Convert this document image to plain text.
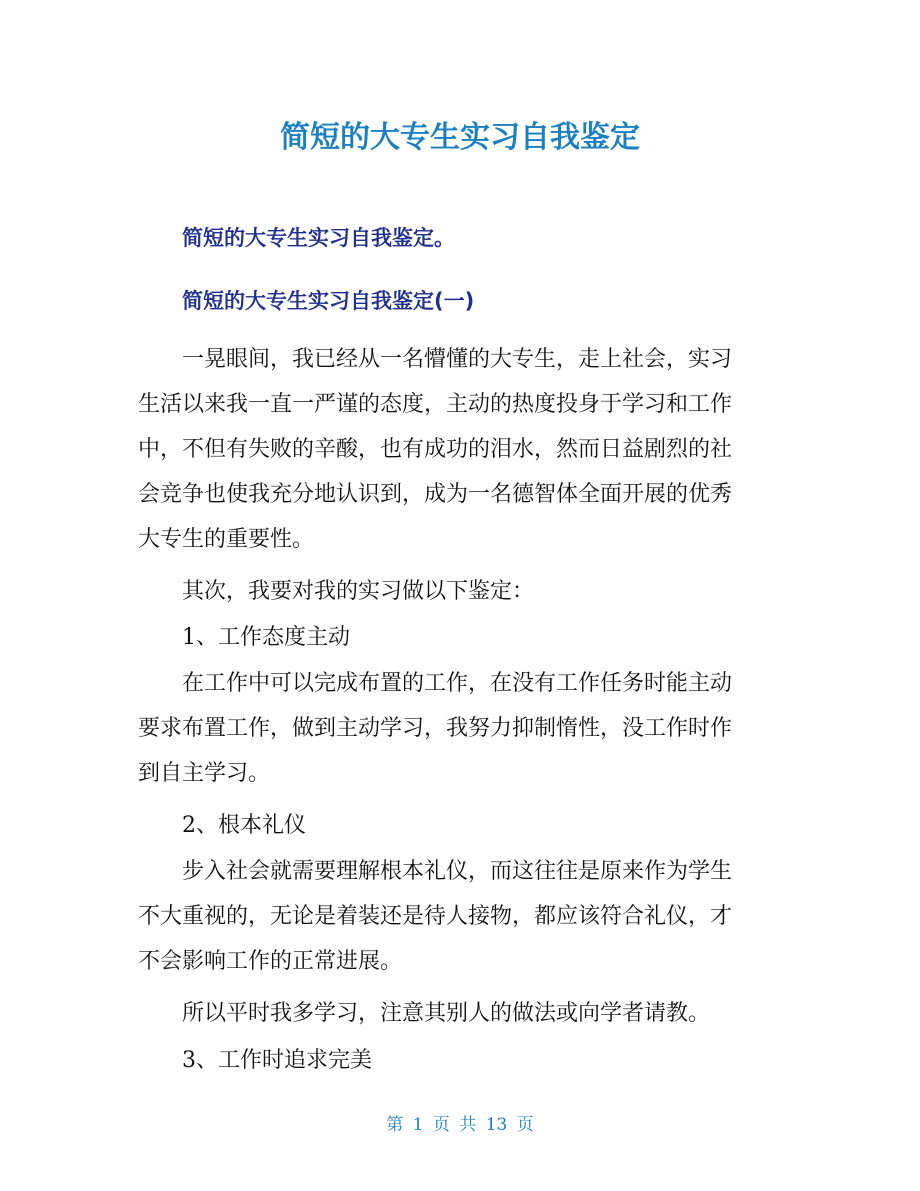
简短的大专生实习自我鉴定

简短的大专生实习自我鉴定。

简短的大专生实习自我鉴定(一)

一晃眼间，我已经从一名懵懂的大专生，走上社会，实习
生活以来我一直一严谨的态度，主动的热度投身于学习和工作
中，不但有失败的辛酸，也有成功的泪水，然而日益剧烈的社
会竞争也使我充分地认识到，成为一名德智体全面开展的优秀
大专生的重要性。

其次，我要对我的实习做以下鉴定：

1、工作态度主动

在工作中可以完成布置的工作，在没有工作任务时能主动
要求布置工作，做到主动学习，我努力抑制惰性，没工作时作
到自主学习。

2、根本礼仪

步入社会就需要理解根本礼仪，而这往往是原来作为学生
不大重视的，无论是着装还是待人接物，都应该符合礼仪，才
不会影响工作的正常进展。

所以平时我多学习，注意其别人的做法或向学者请教。

3、工作时追求完美

第 1 页 共 13 页
